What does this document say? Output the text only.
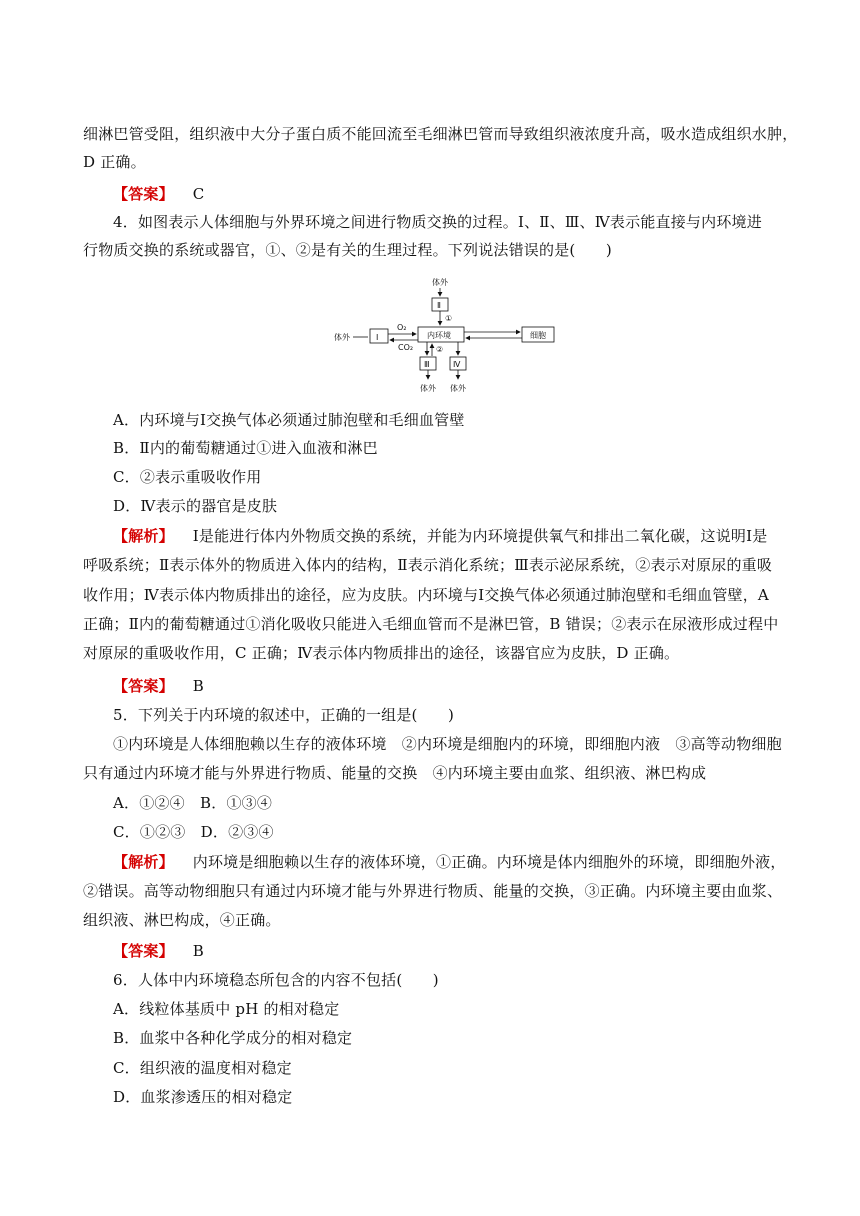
细淋巴管受阻，组织液中大分子蛋白质不能回流至毛细淋巴管而导致组织液浓度升高，吸水造成组织水肿，
D 正确。
【答案】 C
4．如图表示人体细胞与外界环境之间进行物质交换的过程。Ⅰ、Ⅱ、Ⅲ、Ⅳ表示能直接与内环境进
行物质交换的系统或器官，①、②是有关的生理过程。下列说法错误的是(　　)
体外
Ⅱ
①
体外	Ⅰ
O₂
CO₂
内环境	细胞
②
Ⅲ
体外
Ⅳ
体外
A．内环境与Ⅰ交换气体必须通过肺泡壁和毛细血管壁
B．Ⅱ内的葡萄糖通过①进入血液和淋巴
C．②表示重吸收作用
D．Ⅳ表示的器官是皮肤
【解析】 Ⅰ是能进行体内外物质交换的系统，并能为内环境提供氧气和排出二氧化碳，这说明Ⅰ是
呼吸系统；Ⅱ表示体外的物质进入体内的结构，Ⅱ表示消化系统；Ⅲ表示泌尿系统，②表示对原尿的重吸
收作用；Ⅳ表示体内物质排出的途径，应为皮肤。内环境与Ⅰ交换气体必须通过肺泡壁和毛细血管壁，A
正确；Ⅱ内的葡萄糖通过①消化吸收只能进入毛细血管而不是淋巴管，B 错误；②表示在尿液形成过程中
对原尿的重吸收作用，C 正确；Ⅳ表示体内物质排出的途径，该器官应为皮肤，D 正确。
【答案】 B
5．下列关于内环境的叙述中，正确的一组是(　　)
①内环境是人体细胞赖以生存的液体环境　②内环境是细胞内的环境，即细胞内液　③高等动物细胞
只有通过内环境才能与外界进行物质、能量的交换　④内环境主要由血浆、组织液、淋巴构成
A．①②④　B．①③④
C．①②③　D．②③④
【解析】 内环境是细胞赖以生存的液体环境，①正确。内环境是体内细胞外的环境，即细胞外液，
②错误。高等动物细胞只有通过内环境才能与外界进行物质、能量的交换，③正确。内环境主要由血浆、
组织液、淋巴构成，④正确。
【答案】 B
6．人体中内环境稳态所包含的内容不包括(　　)
A．线粒体基质中 pH 的相对稳定
B．血浆中各种化学成分的相对稳定
C．组织液的温度相对稳定
D．血浆渗透压的相对稳定
